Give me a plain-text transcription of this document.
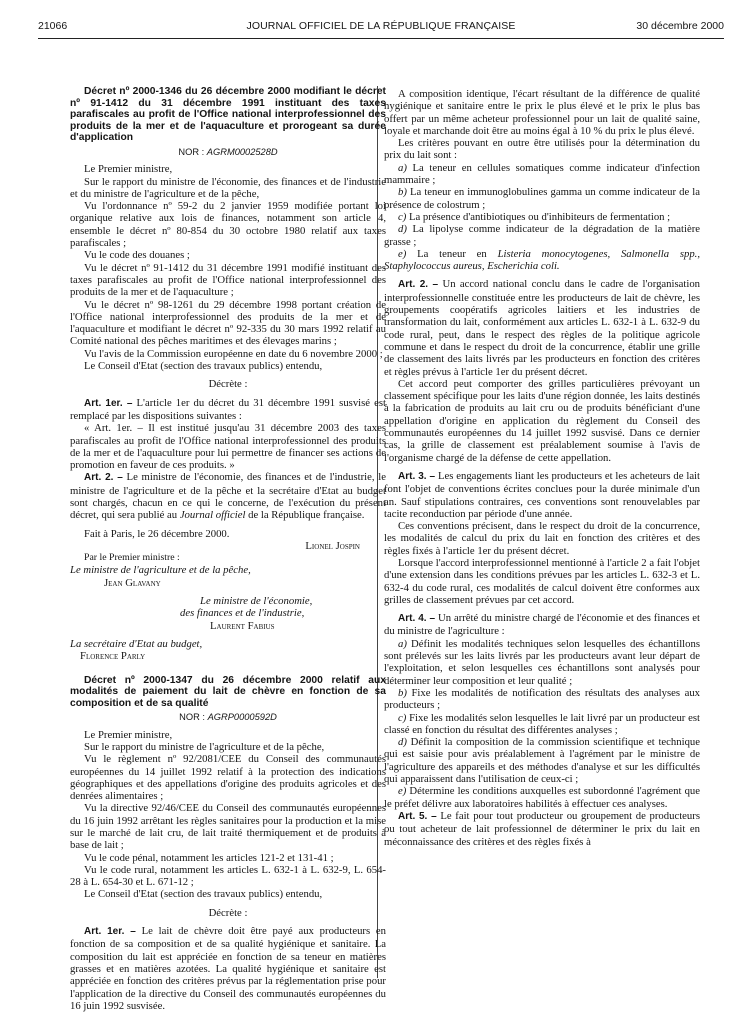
21066	JOURNAL OFFICIEL DE LA RÉPUBLIQUE FRANÇAISE	30 décembre 2000

Décret nº 2000-1346 du 26 décembre 2000 modifiant le décret nº 91-1412 du 31 décembre 1991 instituant des taxes parafiscales au profit de l'Office national interprofessionnel des produits de la mer et de l'aquaculture et prorogeant sa durée d'application

NOR : AGRM0002528D

Le Premier ministre,

Sur le rapport du ministre de l'économie, des finances et de l'industrie et du ministre de l'agriculture et de la pêche,

Vu l'ordonnance nº 59-2 du 2 janvier 1959 modifiée portant loi organique relative aux lois de finances, notamment son article 4, ensemble le décret nº 80-854 du 30 octobre 1980 relatif aux taxes parafiscales ;

Vu le code des douanes ;

Vu le décret nº 91-1412 du 31 décembre 1991 modifié instituant des taxes parafiscales au profit de l'Office national interprofessionnel des produits de la mer et de l'aquaculture ;

Vu le décret nº 98-1261 du 29 décembre 1998 portant création de l'Office national interprofessionnel des produits de la mer et de l'aquaculture et modifiant le décret nº 92-335 du 30 mars 1992 relatif au Comité national des pêches maritimes et des élevages marins ;

Vu l'avis de la Commission européenne en date du 6 novembre 2000 ;

Le Conseil d'Etat (section des travaux publics) entendu,

Décrète :

Art. 1er. – L'article 1er du décret du 31 décembre 1991 susvisé est remplacé par les dispositions suivantes :

« Art. 1er. – Il est institué jusqu'au 31 décembre 2003 des taxes parafiscales au profit de l'Office national interprofessionnel des produits de la mer et de l'aquaculture pour lui permettre de financer ses actions de promotion en faveur de ces produits. »

Art. 2. – Le ministre de l'économie, des finances et de l'industrie, le ministre de l'agriculture et de la pêche et la secrétaire d'Etat au budget sont chargés, chacun en ce qui le concerne, de l'exécution du présent décret, qui sera publié au Journal officiel de la République française.

Fait à Paris, le 26 décembre 2000.

Lionel Jospin

Par le Premier ministre :

Le ministre de l'agriculture et de la pêche,

Jean Glavany

Le ministre de l'économie,

des finances et de l'industrie,

Laurent Fabius

La secrétaire d'Etat au budget,

Florence Parly

Décret nº 2000-1347 du 26 décembre 2000 relatif aux modalités de paiement du lait de chèvre en fonction de sa composition et de sa qualité

NOR : AGRP0000592D

Le Premier ministre,

Sur le rapport du ministre de l'agriculture et de la pêche,

Vu le règlement nº 92/2081/CEE du Conseil des communautés européennes du 14 juillet 1992 relatif à la protection des indications géographiques et des appellations d'origine des produits agricoles et des denrées alimentaires ;

Vu la directive 92/46/CEE du Conseil des communautés européennes du 16 juin 1992 arrêtant les règles sanitaires pour la production et la mise sur le marché de lait cru, de lait traité thermiquement et de produits à base de lait ;

Vu le code pénal, notamment les articles 121-2 et 131-41 ;

Vu le code rural, notamment les articles L. 632-1 à L. 632-9, L. 654-28 à L. 654-30 et L. 671-12 ;

Le Conseil d'Etat (section des travaux publics) entendu,

Décrète :

Art. 1er. – Le lait de chèvre doit être payé aux producteurs en fonction de sa composition et de sa qualité hygiénique et sanitaire. La composition du lait est appréciée en fonction de sa teneur en matières grasses et en matières azotées. La qualité hygiénique et sanitaire est appréciée en fonction des critères prévus par la réglementation prise pour l'application de la directive du Conseil des communautés européennes du 16 juin 1992 susvisée.

A composition identique, l'écart résultant de la différence de qualité hygiénique et sanitaire entre le prix le plus élevé et le prix le plus bas offert par un même acheteur professionnel pour un lait de qualité saine, loyale et marchande doit être au moins égal à 10 % du prix le plus élevé.

Les critères pouvant en outre être utilisés pour la détermination du prix du lait sont :

a) La teneur en cellules somatiques comme indicateur d'infection mammaire ;

b) La teneur en immunoglobulines gamma un comme indicateur de la présence de colostrum ;

c) La présence d'antibiotiques ou d'inhibiteurs de fermentation ;

d) La lipolyse comme indicateur de la dégradation de la matière grasse ;

e) La teneur en Listeria monocytogenes, Salmonella spp., Staphylococcus aureus, Escherichia coli.

Art. 2. – Un accord national conclu dans le cadre de l'organisation interprofessionnelle constituée entre les producteurs de lait de chèvre, les groupements coopératifs agricoles laitiers et les industries de transformation du lait, conformément aux articles L. 632-1 à L. 632-9 du code rural, peut, dans le respect des règles de la politique agricole commune et dans le respect du droit de la concurrence, établir une grille de classement des laits livrés par les producteurs en fonction des critères et règles prévus à l'article 1er du présent décret.

Cet accord peut comporter des grilles particulières prévoyant un classement spécifique pour les laits d'une région donnée, les laits destinés à la fabrication de produits au lait cru ou de produits bénéficiant d'une appellation d'origine en application du règlement du Conseil des communautés européennes du 14 juillet 1992 susvisé. Dans ce dernier cas, la grille de classement est préalablement soumise à l'avis de l'organisme chargé de la défense de cette appellation.

Art. 3. – Les engagements liant les producteurs et les acheteurs de lait font l'objet de conventions écrites conclues pour la durée minimale d'un an. Sauf stipulations contraires, ces conventions sont renouvelables par tacite reconduction par période d'une année.

Ces conventions précisent, dans le respect du droit de la concurrence, les modalités de calcul du prix du lait en fonction des critères et des règles fixés à l'article 1er du présent décret.

Lorsque l'accord interprofessionnel mentionné à l'article 2 a fait l'objet d'une extension dans les conditions prévues par les articles L. 632-3 et L. 632-4 du code rural, ces modalités de calcul doivent être conformes aux grilles de classement prévues par cet accord.

Art. 4. – Un arrêté du ministre chargé de l'économie et des finances et du ministre de l'agriculture :

a) Définit les modalités techniques selon lesquelles des échantillons sont prélevés sur les laits livrés par les producteurs avant leur départ de l'exploitation, et selon lesquelles ces échantillons sont analysés pour déterminer leur composition et leur qualité ;

b) Fixe les modalités de notification des résultats des analyses aux producteurs ;

c) Fixe les modalités selon lesquelles le lait livré par un producteur est classé en fonction du résultat des différentes analyses ;

d) Définit la composition de la commission scientifique et technique qui est saisie pour avis préalablement à l'agrément par le ministre de l'agriculture des appareils et des méthodes d'analyse et sur les difficultés qui apparaissent dans l'utilisation de ceux-ci ;

e) Détermine les conditions auxquelles est subordonné l'agrément que le préfet délivre aux laboratoires habilités à effectuer ces analyses.

Art. 5. – Le fait pour tout producteur ou groupement de producteurs ou tout acheteur de lait professionnel de déterminer le prix du lait en méconnaissance des critères et des règles fixés à
